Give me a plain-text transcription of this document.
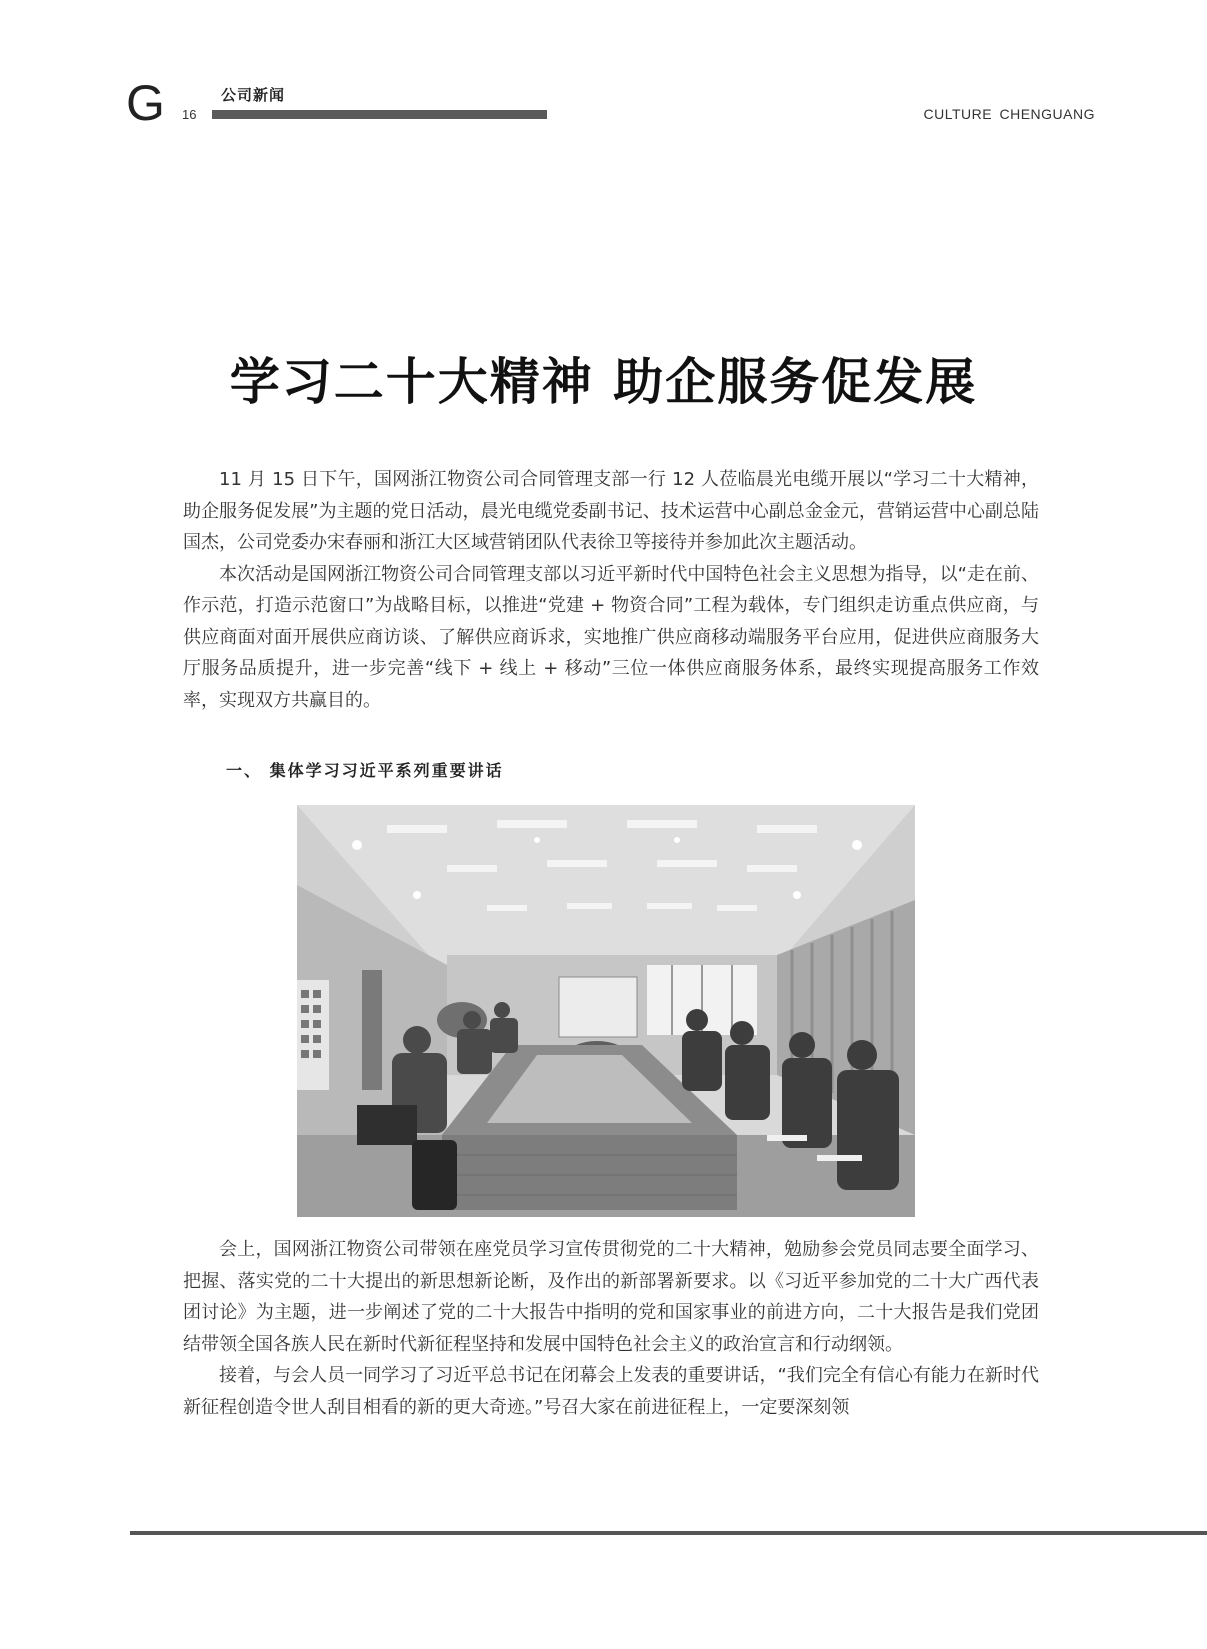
G 16
公司新闻
CULTURE CHENGUANG
学习二十大精神 助企服务促发展

11 月 15 日下午，国网浙江物资公司合同管理支部一行 12 人莅临晨光电缆开展以“学习二十大精神，助企服务促发展”为主题的党日活动，晨光电缆党委副书记、技术运营中心副总金金元，营销运营中心副总陆国杰，公司党委办宋春丽和浙江大区域营销团队代表徐卫等接待并参加此次主题活动。

本次活动是国网浙江物资公司合同管理支部以习近平新时代中国特色社会主义思想为指导，以“走在前、作示范，打造示范窗口”为战略目标，以推进“党建 + 物资合同”工程为载体，专门组织走访重点供应商，与供应商面对面开展供应商访谈、了解供应商诉求，实地推广供应商移动端服务平台应用，促进供应商服务大厅服务品质提升，进一步完善“线下 + 线上 + 移动”三位一体供应商服务体系，最终实现提高服务工作效率，实现双方共赢目的。

一、 集体学习习近平系列重要讲话

会上，国网浙江物资公司带领在座党员学习宣传贯彻党的二十大精神，勉励参会党员同志要全面学习、把握、落实党的二十大提出的新思想新论断，及作出的新部署新要求。以《习近平参加党的二十大广西代表团讨论》为主题，进一步阐述了党的二十大报告中指明的党和国家事业的前进方向，二十大报告是我们党团结带领全国各族人民在新时代新征程坚持和发展中国特色社会主义的政治宣言和行动纲领。

接着，与会人员一同学习了习近平总书记在闭幕会上发表的重要讲话，“我们完全有信心有能力在新时代新征程创造令世人刮目相看的新的更大奇迹。”号召大家在前进征程上，一定要深刻领
